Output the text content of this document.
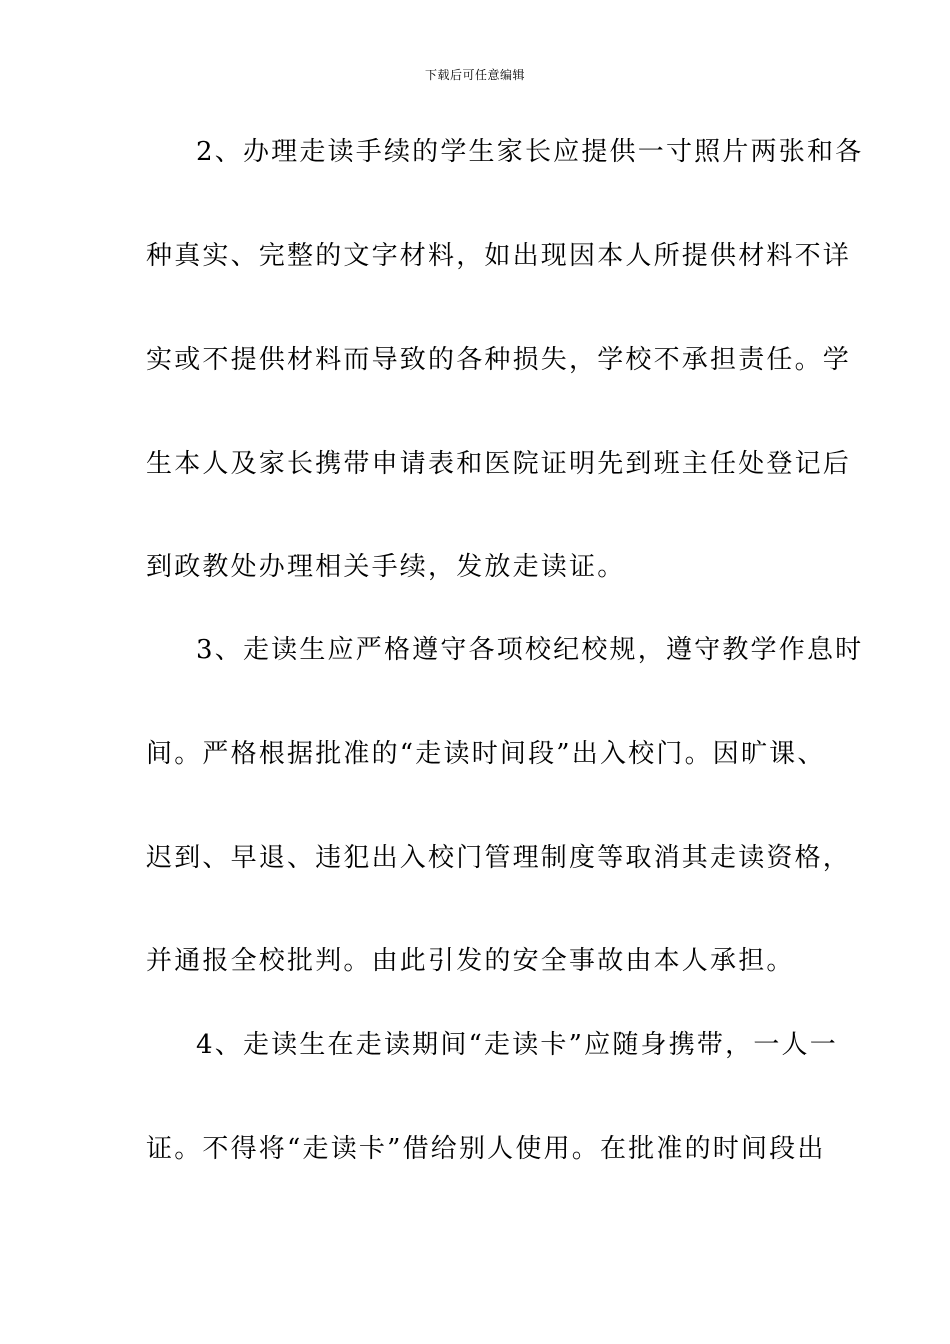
下载后可任意编辑
2、办理走读手续的学生家长应提供一寸照片两张和各
种真实、完整的文字材料，如出现因本人所提供材料不详
实或不提供材料而导致的各种损失，学校不承担责任。学
生本人及家长携带申请表和医院证明先到班主任处登记后
到政教处办理相关手续，发放走读证。
3、走读生应严格遵守各项校纪校规，遵守教学作息时
间。严格根据批准的“走读时间段”出入校门。因旷课、
迟到、早退、违犯出入校门管理制度等取消其走读资格，
并通报全校批判。由此引发的安全事故由本人承担。
4、走读生在走读期间“走读卡”应随身携带，一人一
证。不得将“走读卡”借给别人使用。在批准的时间段出
